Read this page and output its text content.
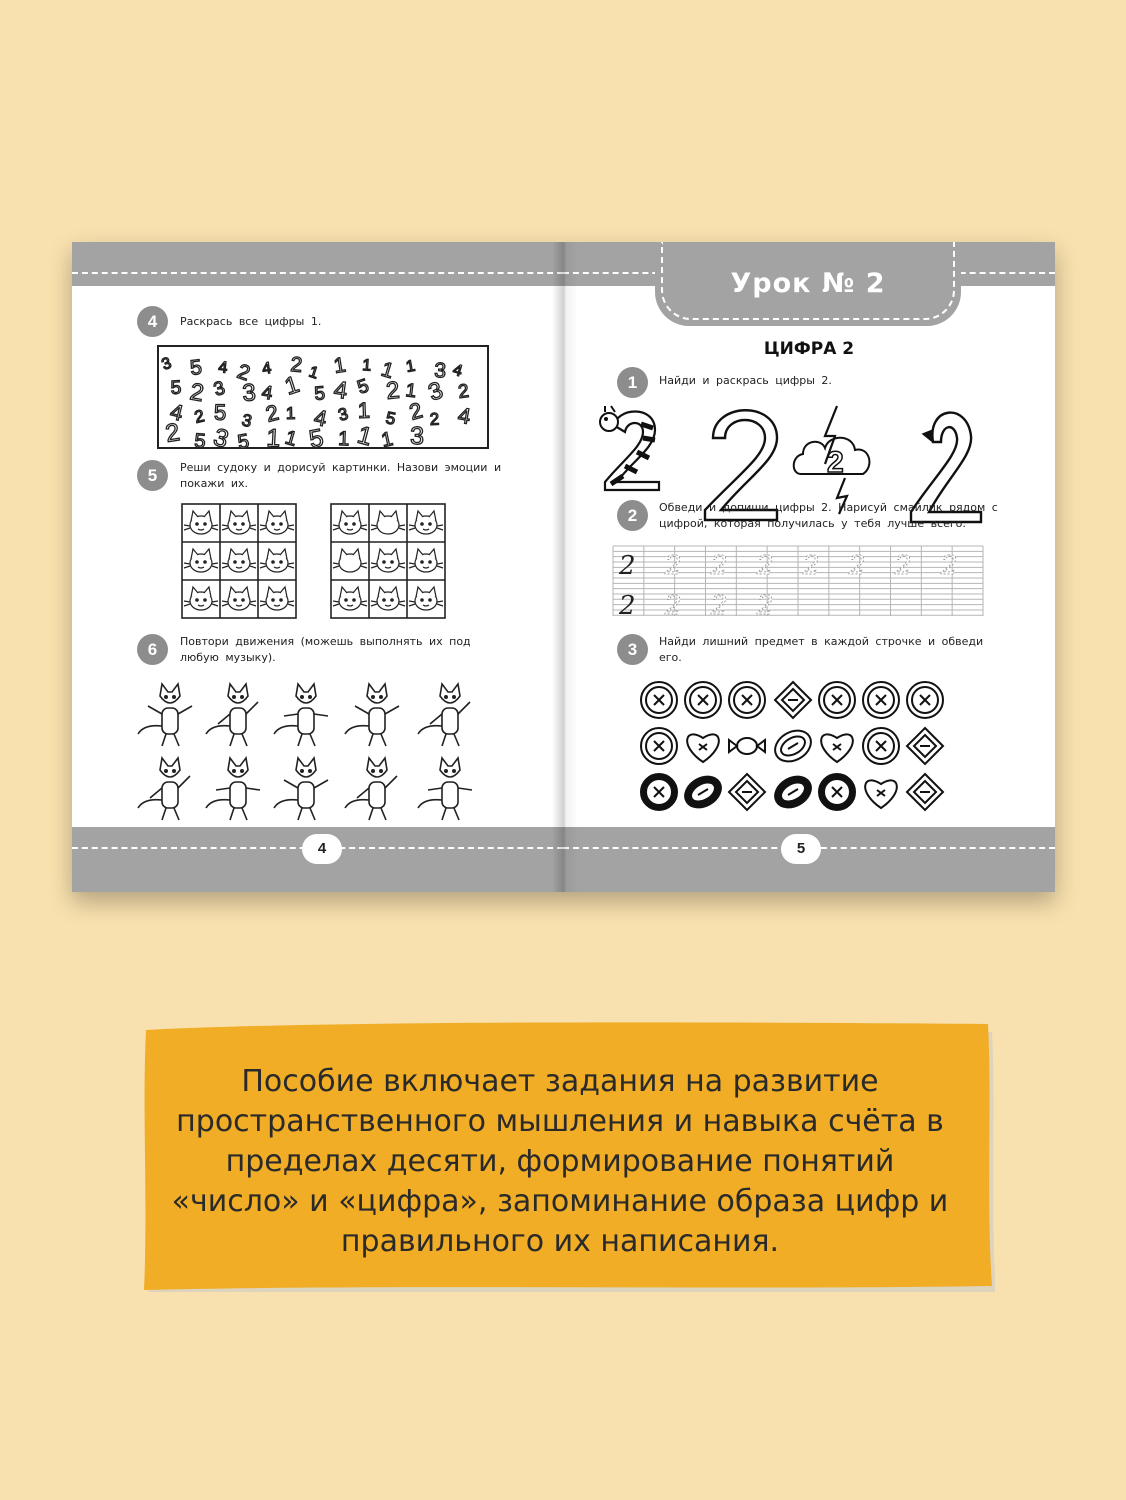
4
4	Раскрась все цифры 1.
3 5 4 2 4 2 1 1 1 1 1 3 4
5 2 3 3 4 1 5 4 5 2 1 3 2
4 2 5 3 2 1 4 3 1 5 2 2 4
2 5 3 5 1 1 5 1 1 1 3
5	Реши судоку и дорисуй картинки. Назови эмоции и покажи их.
6	Повтори движения (можешь выполнять их под любую музыку).
5
Урок № 2
ЦИФРА 2
1	Найди и раскрась цифры 2.
2
2	Обведи и допиши цифры 2. Нарисуй смайлик рядом с цифрой, которая получилась у тебя лучше всего.
2 2 2 2 2 2 2 2
2 2 2 2
3	Найди лишний предмет в каждой строчке и обведи его.
Пособие включает задания на развитие пространственного мышления и навыка счёта в пределах десяти, формирование понятий «число» и «цифра», запоминание образа цифр и правильного их написания.
